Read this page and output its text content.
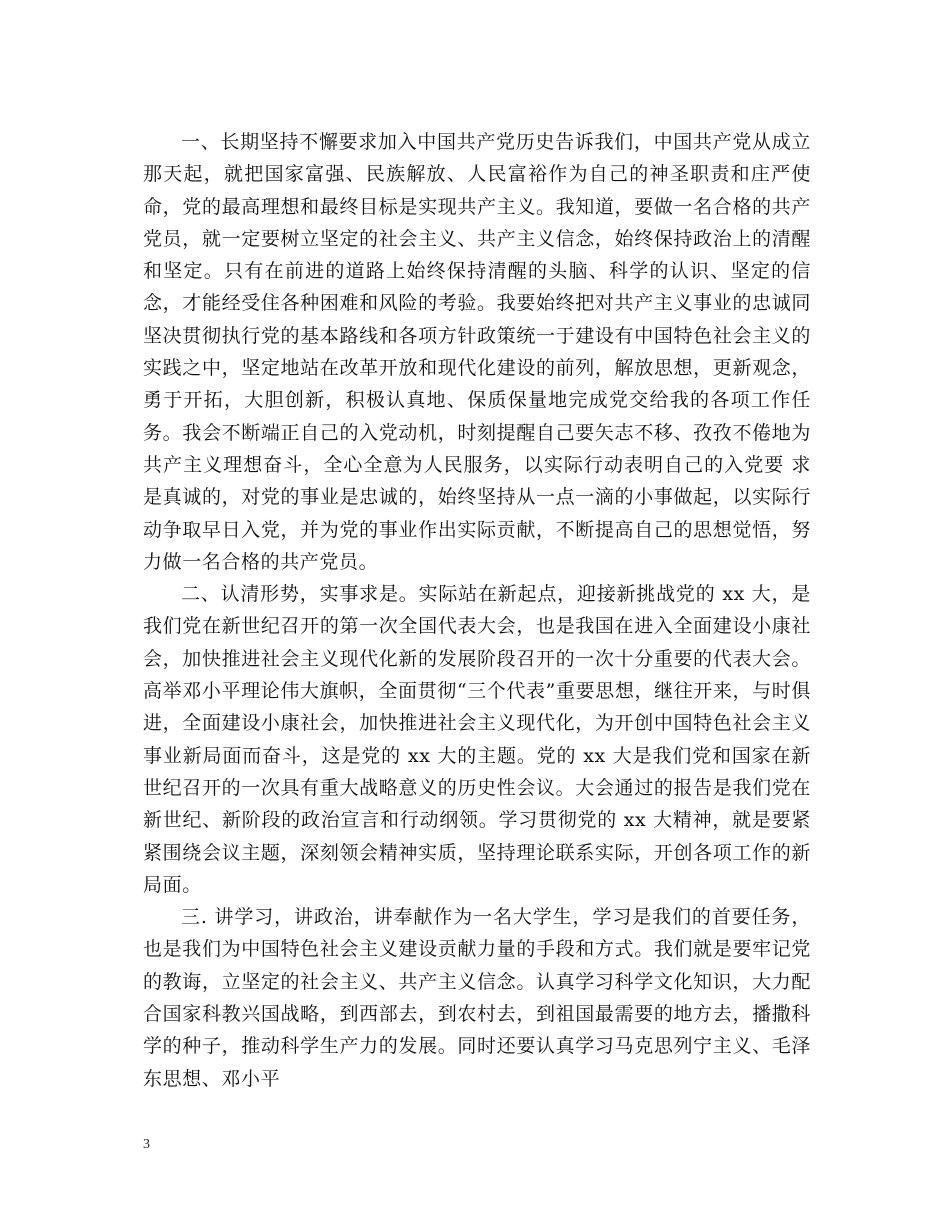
一、长期坚持不懈要求加入中国共产党历史告诉我们，中国共产党从成立那天起，就把国家富强、民族解放、人民富裕作为自己的神圣职责和庄严使命，党的最高理想和最终目标是实现共产主义。我知道，要做一名合格的共产党员，就一定要树立坚定的社会主义、共产主义信念，始终保持政治上的清醒和坚定。只有在前进的道路上始终保持清醒的头脑、科学的认识、坚定的信念，才能经受住各种困难和风险的考验。我要始终把对共产主义事业的忠诚同坚决贯彻执行党的基本路线和各项方针政策统一于建设有中国特色社会主义的实践之中，坚定地站在改革开放和现代化建设的前列，解放思想，更新观念，勇于开拓，大胆创新，积极认真地、保质保量地完成党交给我的各项工作任务。我会不断端正自己的入党动机，时刻提醒自己要矢志不移、孜孜不倦地为共产主义理想奋斗，全心全意为人民服务，以实际行动表明自己的入党要 求是真诚的，对党的事业是忠诚的，始终坚持从一点一滴的小事做起，以实际行动争取早日入党，并为党的事业作出实际贡献，不断提高自己的思想觉悟，努力做一名合格的共产党员。

二、认清形势，实事求是。实际站在新起点，迎接新挑战党的 xx 大，是我们党在新世纪召开的第一次全国代表大会，也是我国在进入全面建设小康社会，加快推进社会主义现代化新的发展阶段召开的一次十分重要的代表大会。高举邓小平理论伟大旗帜，全面贯彻“三个代表”重要思想，继往开来，与时俱进，全面建设小康社会，加快推进社会主义现代化，为开创中国特色社会主义事业新局面而奋斗，这是党的 xx 大的主题。党的 xx 大是我们党和国家在新世纪召开的一次具有重大战略意义的历史性会议。大会通过的报告是我们党在新世纪、新阶段的政治宣言和行动纲领。学习贯彻党的 xx 大精神，就是要紧紧围绕会议主题，深刻领会精神实质，坚持理论联系实际，开创各项工作的新局面。

三. 讲学习，讲政治，讲奉献作为一名大学生，学习是我们的首要任务，也是我们为中国特色社会主义建设贡献力量的手段和方式。我们就是要牢记党的教诲，立坚定的社会主义、共产主义信念。认真学习科学文化知识，大力配合国家科教兴国战略，到西部去，到农村去，到祖国最需要的地方去，播撒科学的种子，推动科学生产力的发展。同时还要认真学习马克思列宁主义、毛泽东思想、邓小平

3
